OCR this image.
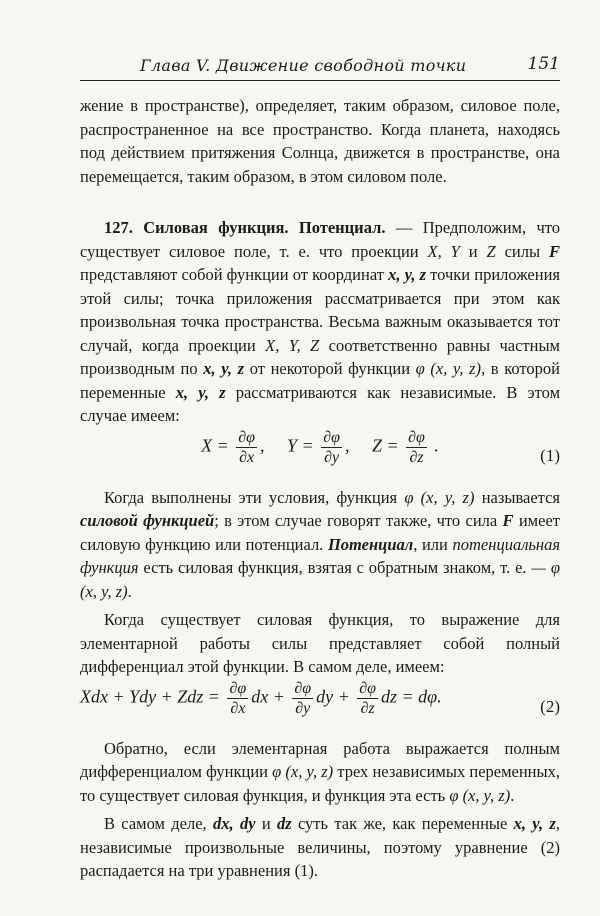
Глава V. Движение свободной точки	151

жение в пространстве), определяет, таким образом, силовое поле, распространенное на все пространство. Когда планета, находясь под действием притяжения Солнца, движется в пространстве, она перемещается, таким образом, в этом силовом поле.

127. Силовая функция. Потенциал. — Предположим, что существует силовое поле, т. е. что проекции X, Y и Z силы F представляют собой функции от координат x, y, z точки приложения этой силы; точка приложения рассматривается при этом как произвольная точка пространства. Весьма важным оказывается тот случай, когда проекции X, Y, Z соответственно равны частным производным по x, y, z от некоторой функции φ (x, y, z), в которой переменные x, y, z рассматриваются как независимые. В этом случае имеем:

$X = \frac{\partial\varphi}{\partial x}$ , $Y = \frac{\partial\varphi}{\partial y}$ , $Z = \frac{\partial\varphi}{\partial z}$ .	(1)

Когда выполнены эти условия, функция φ (x, y, z) называется силовой функцией; в этом случае говорят также, что сила F имеет силовую функцию или потенциал. Потенциал, или потенциальная функция есть силовая функция, взятая с обратным знаком, т. е. — φ (x, y, z).

Когда существует силовая функция, то выражение для элементарной работы силы представляет собой полный дифференциал этой функции. В самом деле, имеем:

Xdx + Ydy + Zdz = $\frac{\partial\varphi}{\partial x}$ dx + $\frac{\partial\varphi}{\partial y}$ dy + $\frac{\partial\varphi}{\partial z}$ dz = dφ.	(2)

Обратно, если элементарная работа выражается полным дифференциалом функции φ (x, y, z) трех независимых переменных, то существует силовая функция, и функция эта есть φ (x, y, z).

В самом деле, dx, dy и dz суть так же, как переменные x, y, z, независимые произвольные величины, поэтому уравнение (2) распадается на три уравнения (1).
